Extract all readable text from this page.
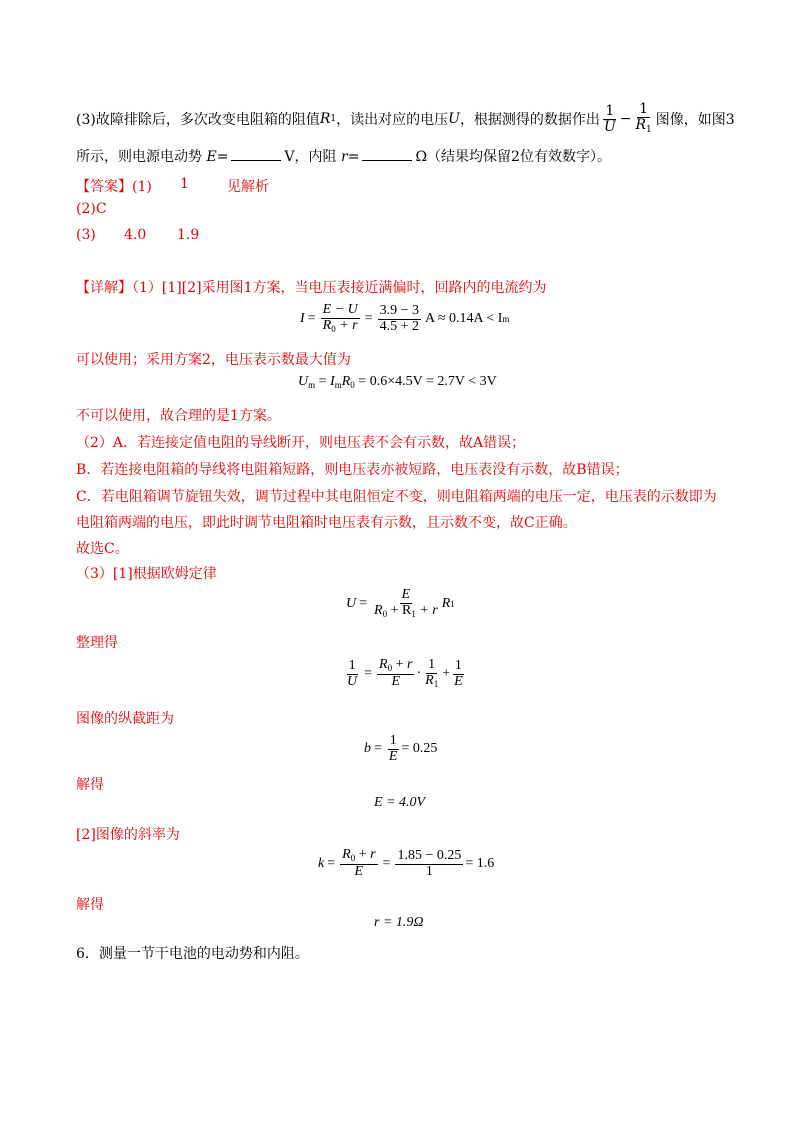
(3)故障排除后，多次改变电阻箱的阻值 R 1 ，读出对应的电压 U ，根据测得的数据作出 $\frac{1}{U} - \frac{1}{R_1}$ 图像，如图3
所示，则电源电动势 E=	V，内阻 r=	Ω（结果均保留2位有效数字）。
【答案】(1) 1	见解析
(2)C
(3) 4.0 1.9
【详解】（1）[1][2]采用图1方案，当电压表接近满偏时，回路内的电流约为
$I = \frac{E - U}{R_0 + r} = \frac{3.9 - 3}{4.5 + 2}$ A ≈ 0.14A < I m
可以使用；采用方案2，电压表示数最大值为
$U_m = I_mR_0 = 0.6\times 4.5V = 2.7V < 3V$
不可以使用，故合理的是1方案。
（2）A．若连接定值电阻的导线断开，则电压表不会有示数，故A错误；
B．若连接电阻箱的导线将电阻箱短路，则电压表亦被短路，电压表没有示数，故B错误；
C．若电阻箱调节旋钮失效，调节过程中其电阻恒定不变，则电阻箱两端的电压一定，电压表的示数即为
电阻箱两端的电压，即此时调节电阻箱时电压表有示数，且示数不变，故C正确。
故选C。
（3）[1]根据欧姆定律
$U = \frac{E}{R_0 + R_1 + r}$ R 1
整理得
$\frac{1}{U} = \frac{R_0 + r}{E} \cdot \frac{1}{R_1} + \frac{1}{E}$
图像的纵截距为
$b = \frac{1}{E} = 0.25$
解得
E = 4.0V
[2]图像的斜率为
$k = \frac{R_0 + r}{E} = \frac{1.85 - 0.25}{1} = 1.6$
解得
r = 1.9Ω
6．测量一节干电池的电动势和内阻。
